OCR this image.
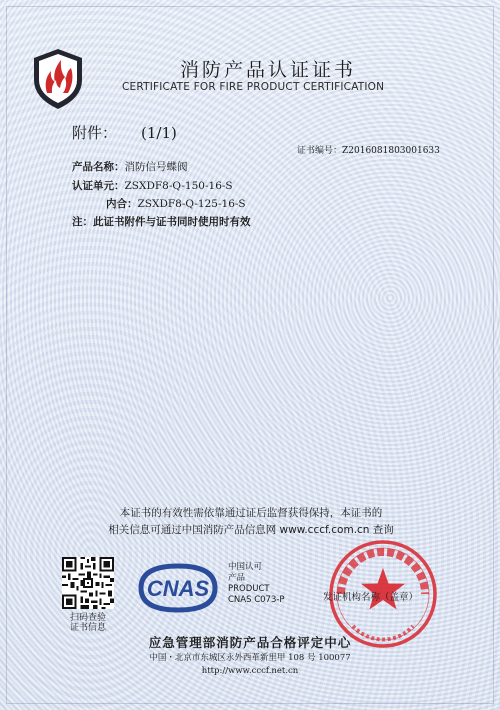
消防产品认证证书
CERTIFICATE FOR FIRE PRODUCT CERTIFICATION
附件： (1/1)
证书编号：Z2016081803001633
产品名称：消防信号蝶阀
认证单元：ZSXDF8-Q-150-16-S
内合：ZSXDF8-Q-125-16-S
注：此证书附件与证书同时使用时有效
本证书的有效性需依靠通过证后监督获得保持，本证书的
相关信息可通过中国消防产品信息网 www.cccf.com.cn 查询
扫码查验
证书信息
CNAS
中国认可
产品
PRODUCT
CNAS C073-P	发证机构名称（盖章）
应急管理部消防产品合格评定中心
中国・北京市东城区永外西革新里甲 108 号 100077
http://www.cccf.net.cn
